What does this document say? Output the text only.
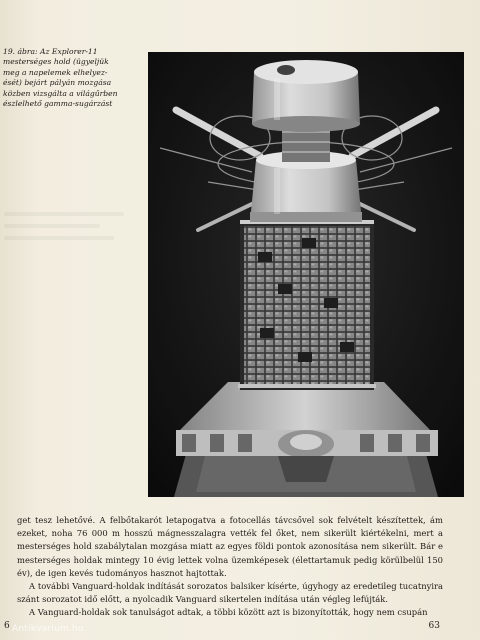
19. ábra: Az Explorer-11
mesterséges hold (ügyeljük
meg a napelemek elhelyez-
ését) bejárt pályán mozgása
közben vizsgálta a világűrben
észlelhető gamma-sugárzást

get tesz lehetővé. A felbőtakarót letapogatva a fotocellás távcsővel sok felvételt készítettek, ám ezeket, noha 76 000 m hosszú mágnesszalagra vették fel őket, nem sikerült kiértékelni, mert a mesterséges hold szabálytalan mozgása miatt az egyes földi pontok azonosítása nem sikerült. Bár e mesterséges holdak mintegy 10 évig lettek volna üzemképesek (élettartamuk pedig körülbelül 150 év), de igen kevés tudományos hasznot hajtottak.

A további Vanguard-holdak indítását sorozatos balsiker kísérte, úgyhogy az eredetileg tucatnyira szánt sorozatot idő előtt, a nyolcadik Vanguard sikertelen indítása után végleg lefújták.

A Vanguard-holdak sok tanulságot adtak, a többi között azt is bizonyították, hogy nem csupán

6 Antikvarium.hu	63
